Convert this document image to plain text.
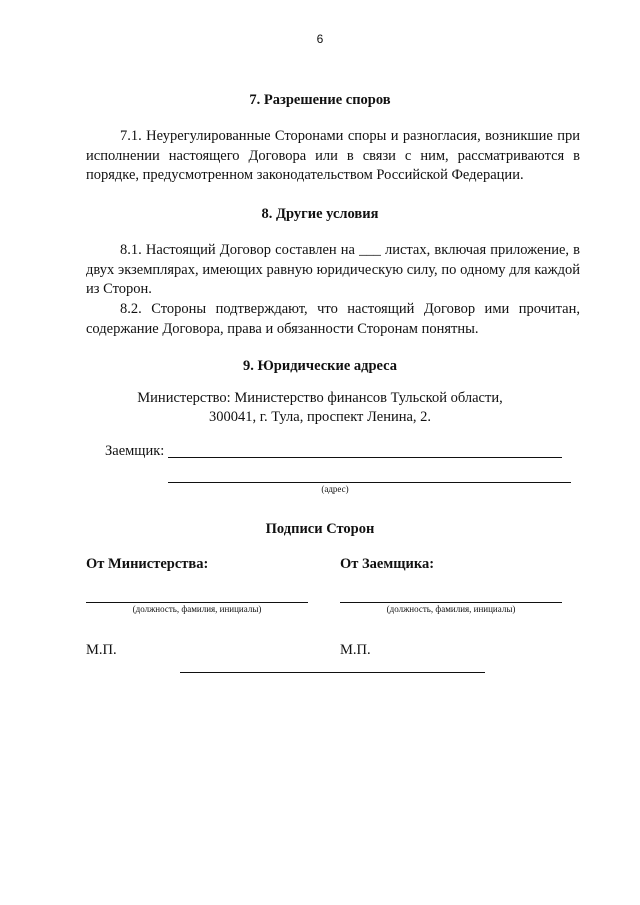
6
7. Разрешение споров
7.1. Неурегулированные Сторонами споры и разногласия, возникшие при исполнении настоящего Договора или в связи с ним, рассматриваются в порядке, предусмотренном законодательством Российской Федерации.
8. Другие условия
8.1. Настоящий Договор составлен на ___ листах, включая приложение, в двух экземплярах, имеющих равную юридическую силу, по одному для каждой из Сторон.
8.2. Стороны подтверждают, что настоящий Договор ими прочитан, содержание Договора, права и обязанности Сторонам понятны.
9. Юридические адреса
Министерство: Министерство финансов Тульской области,
300041, г. Тула, проспект Ленина, 2.
Заемщик:
(адрес)
Подписи Сторон
От Министерства:	От Заемщика:
(должность, фамилия, инициалы)	(должность, фамилия, инициалы)
М.П.	М.П.
